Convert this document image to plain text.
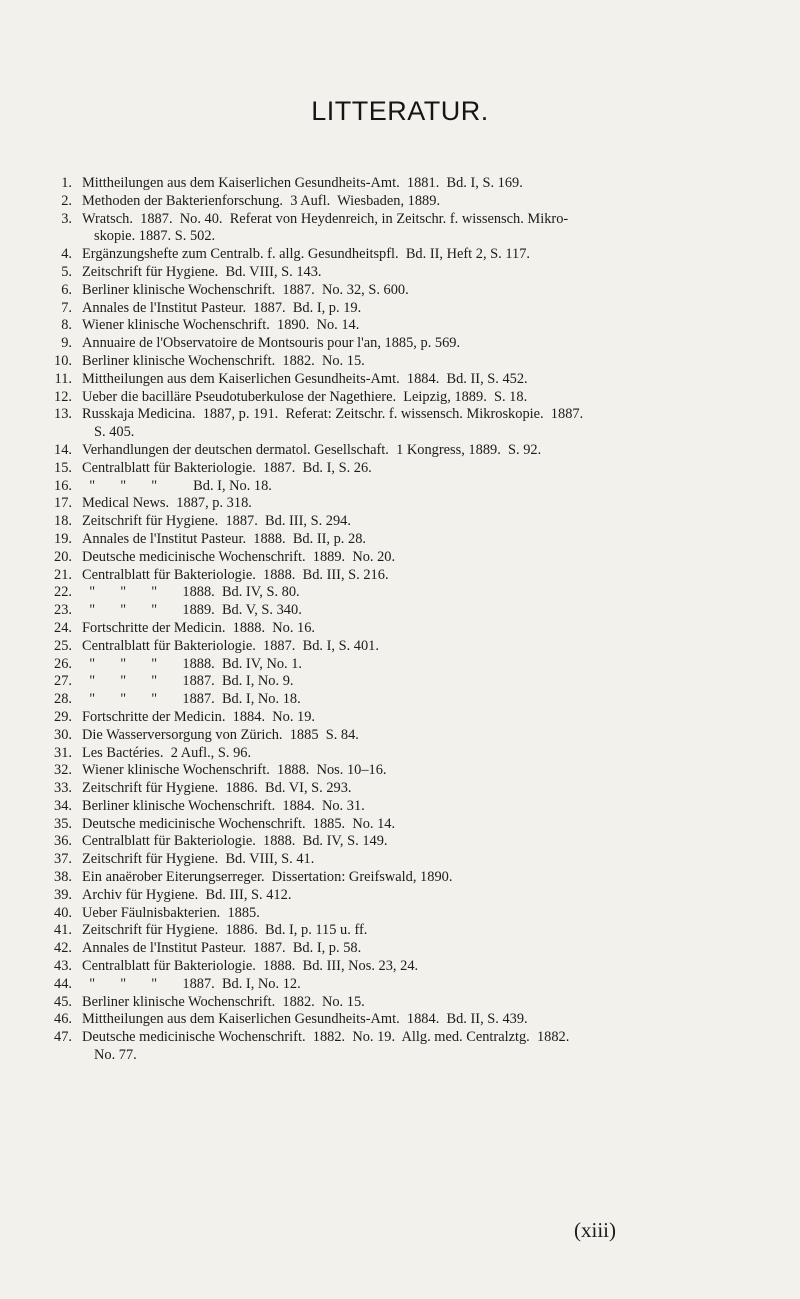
LITTERATUR.
1. Mittheilungen aus dem Kaiserlichen Gesundheits-Amt.  1881.  Bd. I, S. 169.
2. Methoden der Bakterienforschung.  3 Aufl.  Wiesbaden, 1889.
3. Wratsch.  1887.  No. 40.  Referat von Heydenreich, in Zeitschr. f. wissensch. Mikro-
skopie. 1887. S. 502.
4. Ergänzungshefte zum Centralb. f. allg. Gesundheitspfl.  Bd. II, Heft 2, S. 117.
5. Zeitschrift für Hygiene.  Bd. VIII, S. 143.
6. Berliner klinische Wochenschrift.  1887.  No. 32, S. 600.
7. Annales de l'Institut Pasteur.  1887.  Bd. I, p. 19.
8. Wiener klinische Wochenschrift.  1890.  No. 14.
9. Annuaire de l'Observatoire de Montsouris pour l'an, 1885, p. 569.
10. Berliner klinische Wochenschrift.  1882.  No. 15.
11. Mittheilungen aus dem Kaiserlichen Gesundheits-Amt.  1884.  Bd. II, S. 452.
12. Ueber die bacilläre Pseudotuberkulose der Nagethiere.  Leipzig, 1889.  S. 18.
13. Russkaja Medicina.  1887, p. 191.  Referat: Zeitschr. f. wissensch. Mikroskopie.  1887.
S. 405.
14. Verhandlungen der deutschen dermatol. Gesellschaft.  1 Kongress, 1889.  S. 92.
15. Centralblatt für Bakteriologie.  1887.  Bd. I, S. 26.
16. "       "       "          Bd. I, No. 18.
17. Medical News.  1887, p. 318.
18. Zeitschrift für Hygiene.  1887.  Bd. III, S. 294.
19. Annales de l'Institut Pasteur.  1888.  Bd. II, p. 28.
20. Deutsche medicinische Wochenschrift.  1889.  No. 20.
21. Centralblatt für Bakteriologie.  1888.  Bd. III, S. 216.
22. "       "       "       1888.  Bd. IV, S. 80.
23. "       "       "       1889.  Bd. V, S. 340.
24. Fortschritte der Medicin.  1888.  No. 16.
25. Centralblatt für Bakteriologie.  1887.  Bd. I, S. 401.
26. "       "       "       1888.  Bd. IV, No. 1.
27. "       "       "       1887.  Bd. I, No. 9.
28. "       "       "       1887.  Bd. I, No. 18.
29. Fortschritte der Medicin.  1884.  No. 19.
30. Die Wasserversorgung von Zürich.  1885  S. 84.
31. Les Bactéries.  2 Aufl., S. 96.
32. Wiener klinische Wochenschrift.  1888.  Nos. 10–16.
33. Zeitschrift für Hygiene.  1886.  Bd. VI, S. 293.
34. Berliner klinische Wochenschrift.  1884.  No. 31.
35. Deutsche medicinische Wochenschrift.  1885.  No. 14.
36. Centralblatt für Bakteriologie.  1888.  Bd. IV, S. 149.
37. Zeitschrift für Hygiene.  Bd. VIII, S. 41.
38. Ein anaërober Eiterungserreger.  Dissertation: Greifswald, 1890.
39. Archiv für Hygiene.  Bd. III, S. 412.
40. Ueber Fäulnisbakterien.  1885.
41. Zeitschrift für Hygiene.  1886.  Bd. I, p. 115 u. ff.
42. Annales de l'Institut Pasteur.  1887.  Bd. I, p. 58.
43. Centralblatt für Bakteriologie.  1888.  Bd. III, Nos. 23, 24.
44. "       "       "       1887.  Bd. I, No. 12.
45. Berliner klinische Wochenschrift.  1882.  No. 15.
46. Mittheilungen aus dem Kaiserlichen Gesundheits-Amt.  1884.  Bd. II, S. 439.
47. Deutsche medicinische Wochenschrift.  1882.  No. 19.  Allg. med. Centralztg.  1882.
No. 77.
(xiii)
